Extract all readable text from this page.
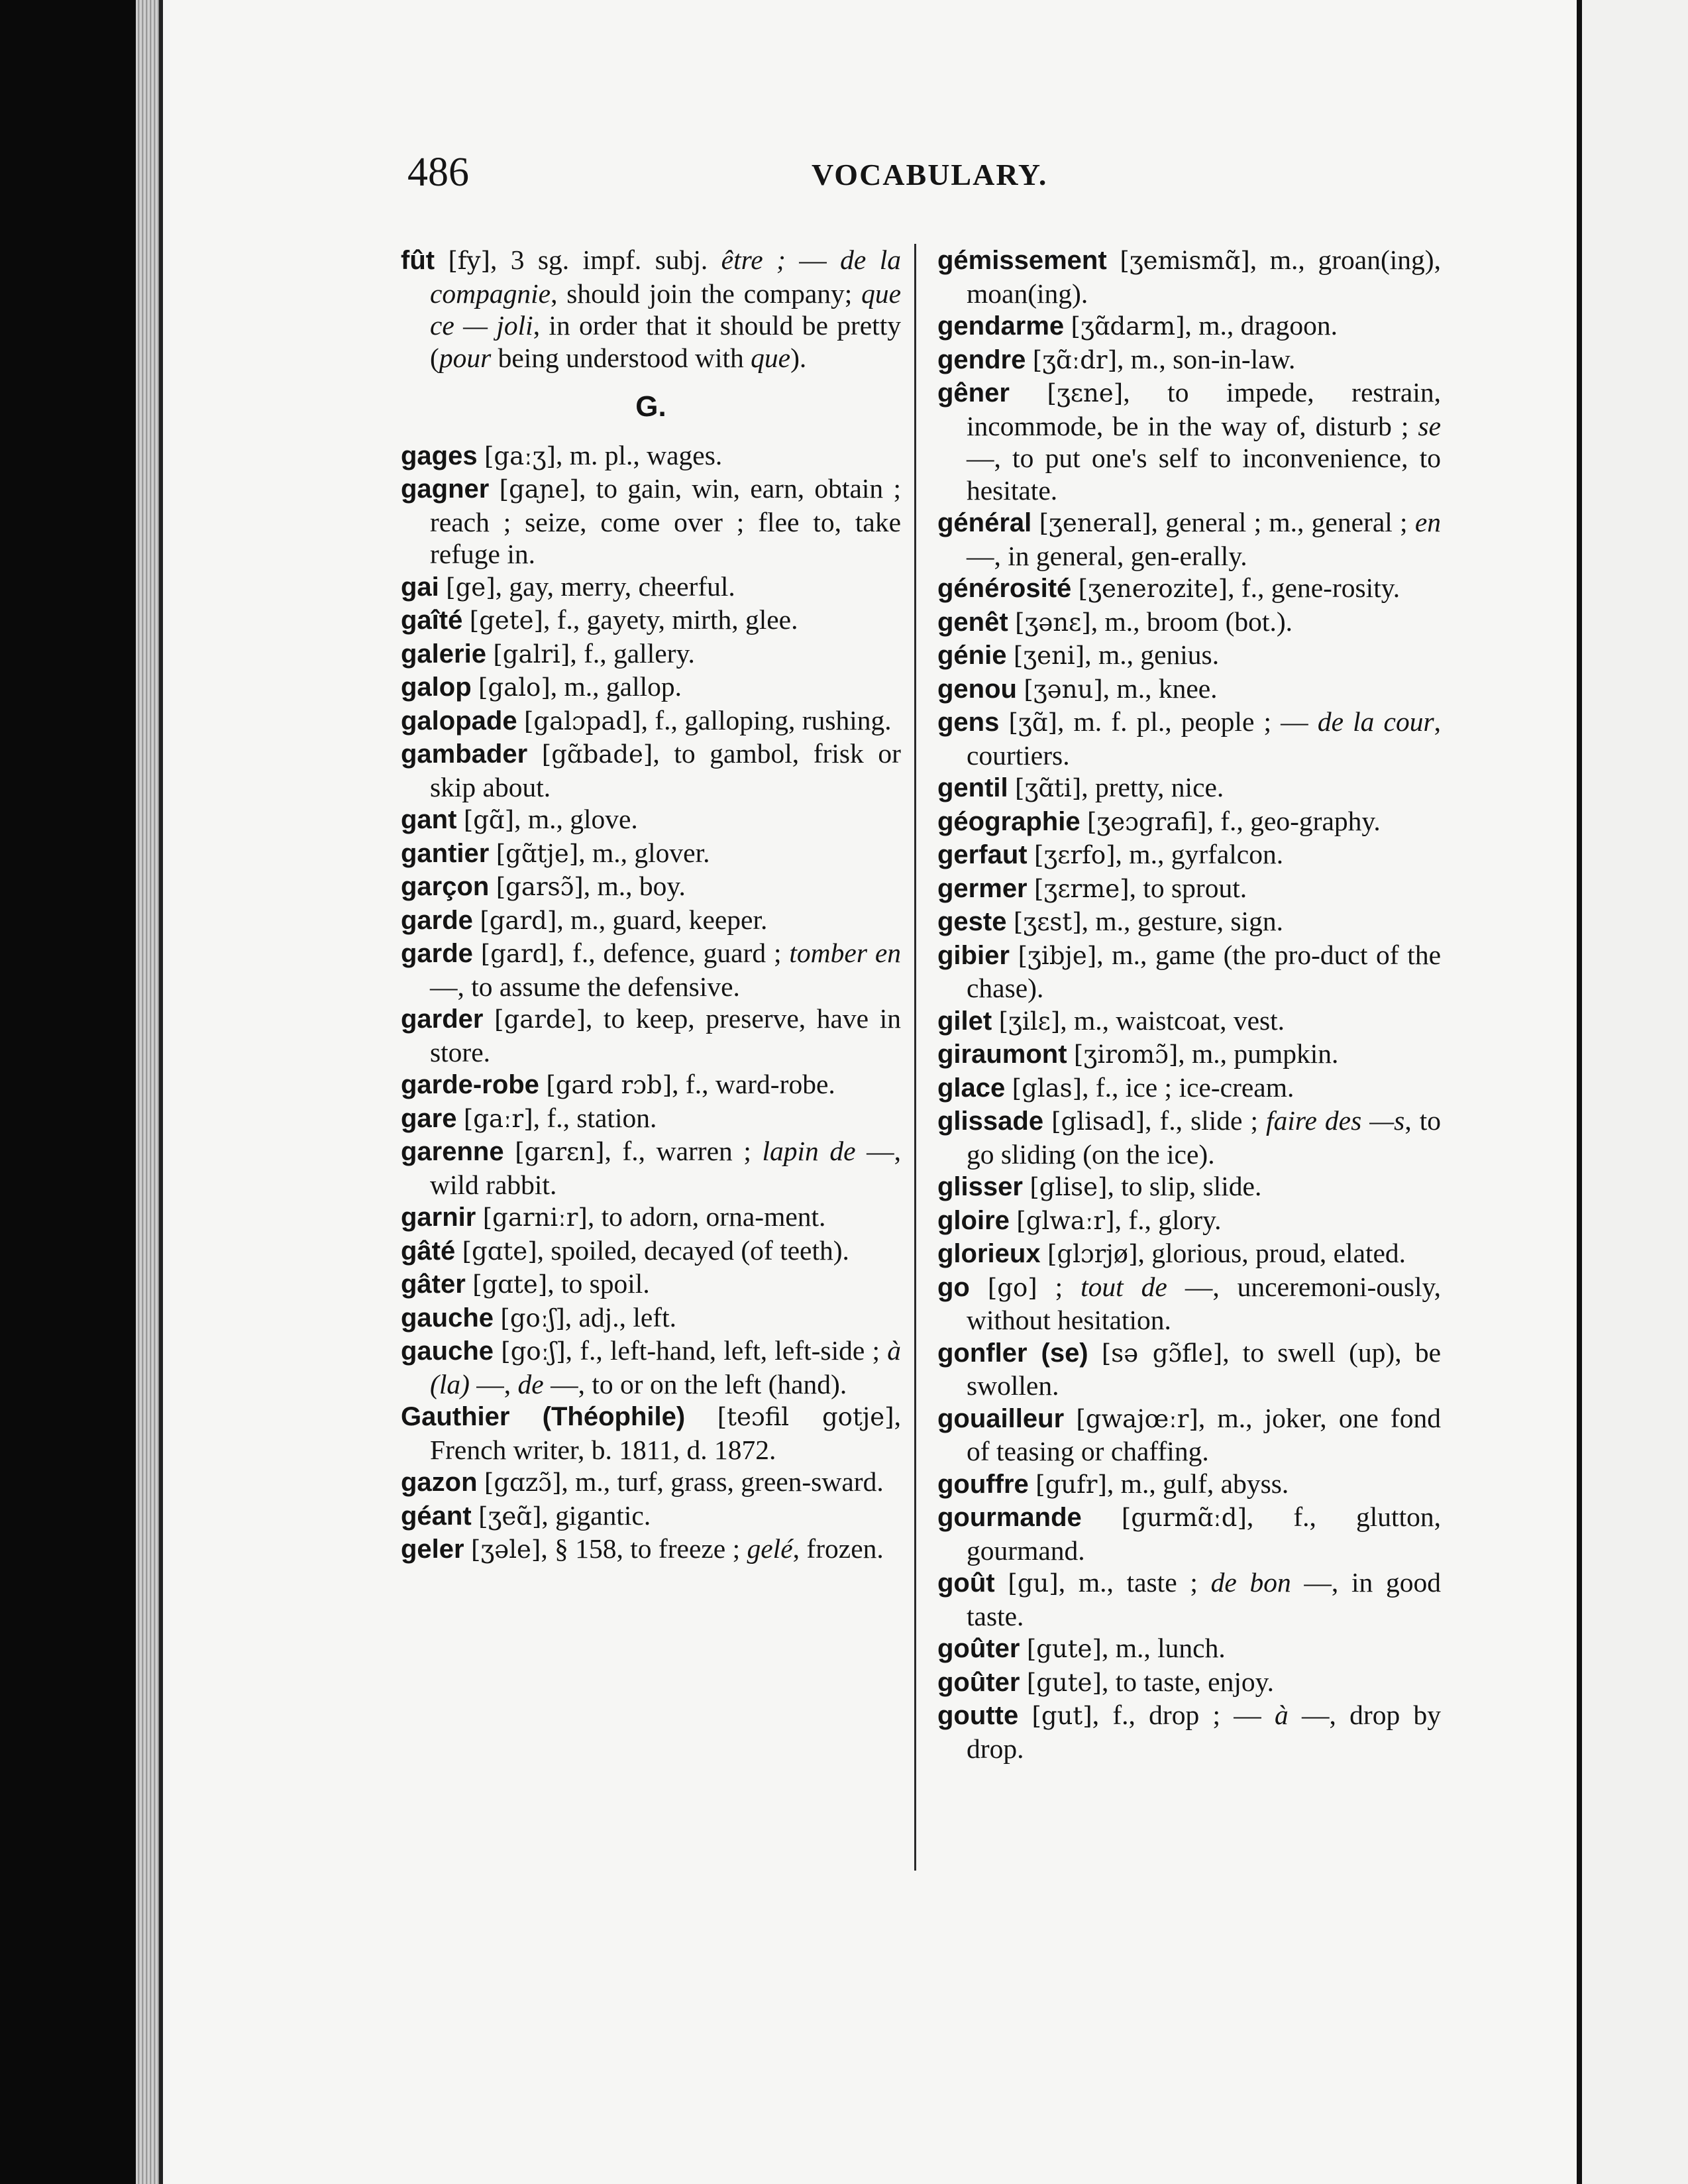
486	VOCABULARY.
fût [fy], 3 sg. impf. subj. être ; — de la compagnie, should join the company; que ce — joli, in order that it should be pretty (pour being understood with que).
G.
gages [gaːʒ], m. pl., wages.
gagner [gaɲe], to gain, win, earn, obtain ; reach ; seize, come over ; flee to, take refuge in.
gai [ge], gay, merry, cheerful.
gaîté [gete], f., gayety, mirth, glee.
galerie [galri], f., gallery.
galop [galo], m., gallop.
galopade [galɔpad], f., galloping, rushing.
gambader [gɑ̃bade], to gambol, frisk or skip about.
gant [gɑ̃], m., glove.
gantier [gɑ̃tje], m., glover.
garçon [garsɔ̃], m., boy.
garde [gard], m., guard, keeper.
garde [gard], f., defence, guard ; tomber en —, to assume the defensive.
garder [garde], to keep, preserve, have in store.
garde-robe [gard rɔb], f., ward-robe.
gare [gaːr], f., station.
garenne [garɛn], f., warren ; lapin de —, wild rabbit.
garnir [garniːr], to adorn, orna-ment.
gâté [gɑte], spoiled, decayed (of teeth).
gâter [gɑte], to spoil.
gauche [goːʃ], adj., left.
gauche [goːʃ], f., left-hand, left, left-side ; à (la) —, de —, to or on the left (hand).
Gauthier (Théophile) [teɔfil gotje], French writer, b. 1811, d. 1872.
gazon [gɑzɔ̃], m., turf, grass, green-sward.
géant [ʒeɑ̃], gigantic.
geler [ʒəle], § 158, to freeze ; gelé, frozen.
gémissement [ʒemismɑ̃], m., groan(ing), moan(ing).
gendarme [ʒɑ̃darm], m., dragoon.
gendre [ʒɑ̃ːdr], m., son-in-law.
gêner [ʒɛne], to impede, restrain, incommode, be in the way of, disturb ; se —, to put one's self to inconvenience, to hesitate.
général [ʒeneral], general ; m., general ; en —, in general, gen-erally.
générosité [ʒenerozite], f., gene-rosity.
genêt [ʒənɛ], m., broom (bot.).
génie [ʒeni], m., genius.
genou [ʒənu], m., knee.
gens [ʒɑ̃], m. f. pl., people ; — de la cour, courtiers.
gentil [ʒɑ̃ti], pretty, nice.
géographie [ʒeɔgrafi], f., geo-graphy.
gerfaut [ʒɛrfo], m., gyrfalcon.
germer [ʒɛrme], to sprout.
geste [ʒɛst], m., gesture, sign.
gibier [ʒibje], m., game (the pro-duct of the chase).
gilet [ʒilɛ], m., waistcoat, vest.
giraumont [ʒiromɔ̃], m., pumpkin.
glace [glas], f., ice ; ice-cream.
glissade [glisad], f., slide ; faire des —s, to go sliding (on the ice).
glisser [glise], to slip, slide.
gloire [glwaːr], f., glory.
glorieux [glɔrjø], glorious, proud, elated.
go [go] ; tout de —, unceremoni-ously, without hesitation.
gonfler (se) [sə gɔ̃fle], to swell (up), be swollen.
gouailleur [gwajœːr], m., joker, one fond of teasing or chaffing.
gouffre [gufr], m., gulf, abyss.
gourmande [gurmɑ̃ːd], f., glutton, gourmand.
goût [gu], m., taste ; de bon —, in good taste.
goûter [gute], m., lunch.
goûter [gute], to taste, enjoy.
goutte [gut], f., drop ; — à —, drop by drop.
